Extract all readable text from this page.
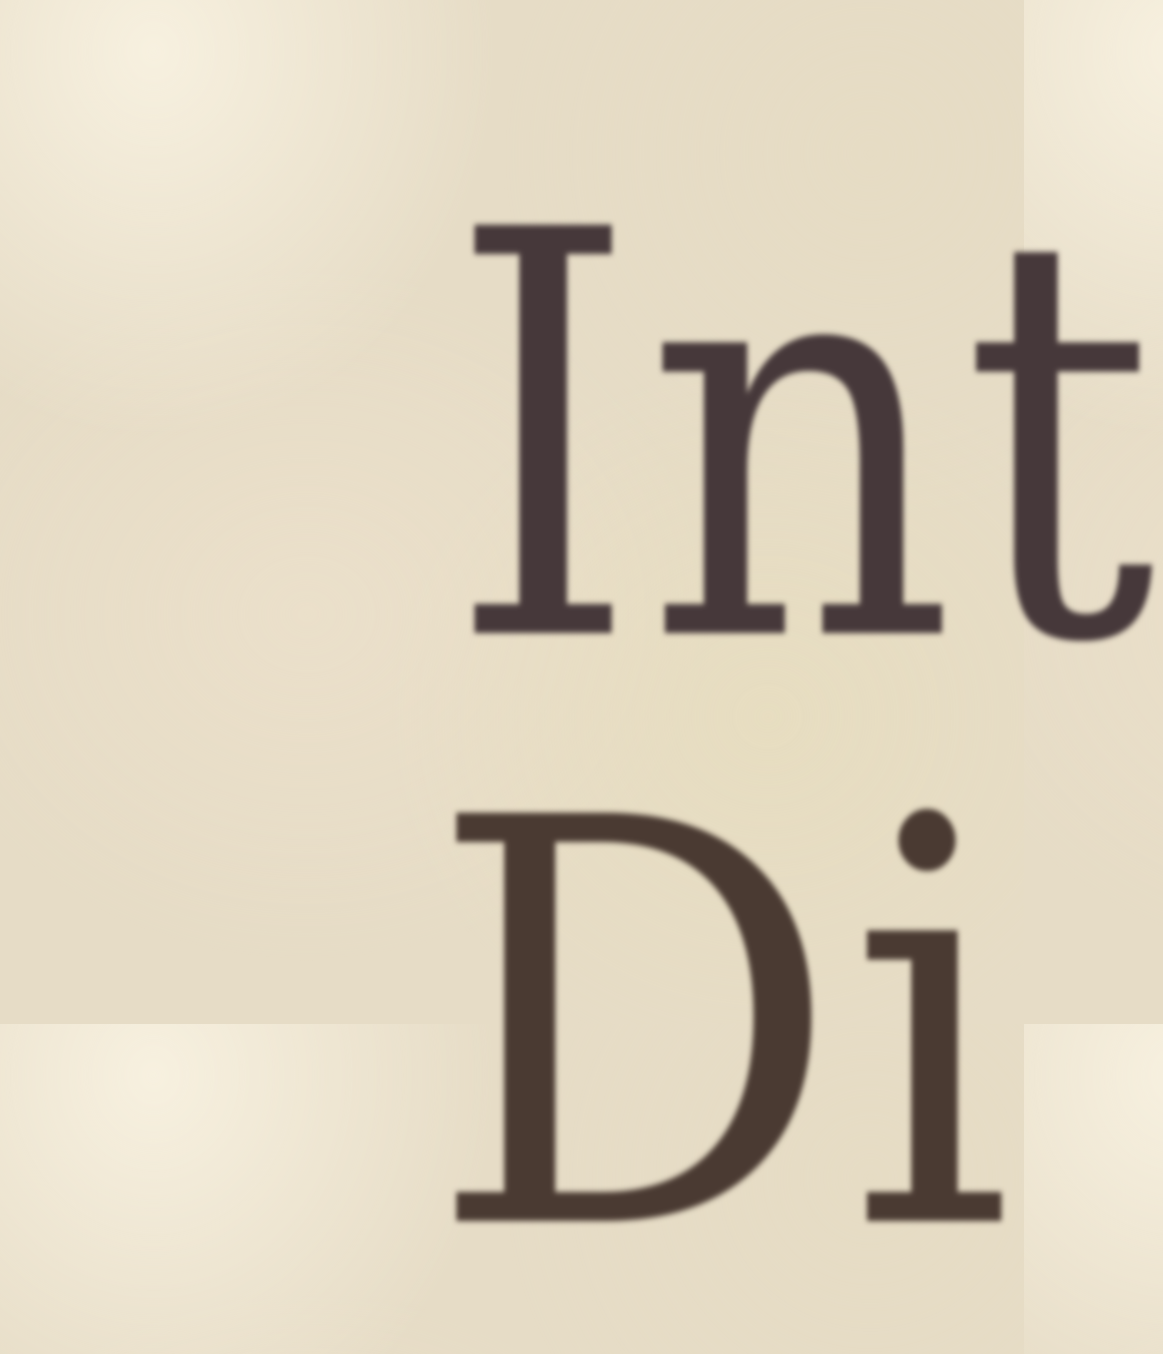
Int
Di
